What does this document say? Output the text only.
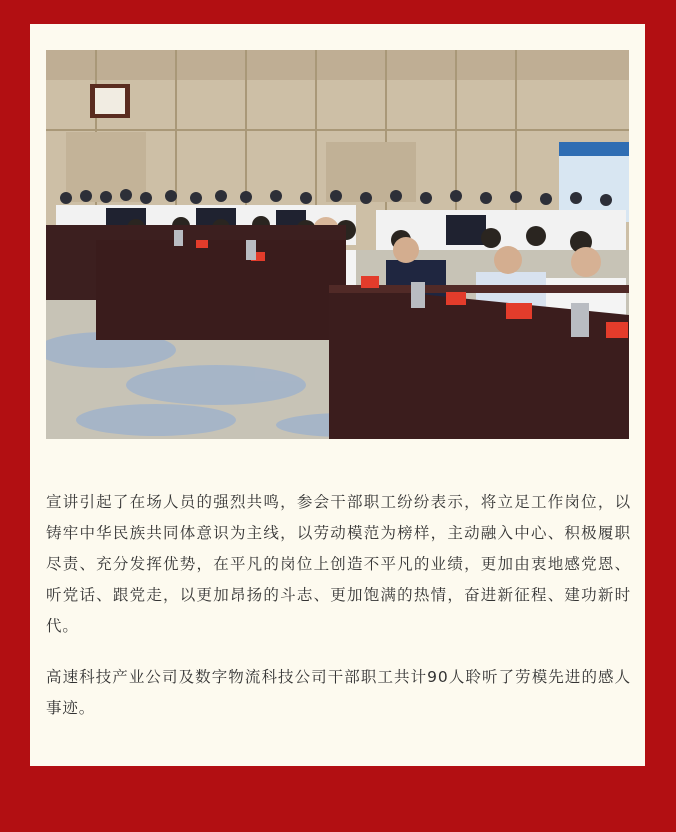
宣讲引起了在场人员的强烈共鸣，参会干部职工纷纷表示，将立足工作岗位，以铸牢中华民族共同体意识为主线，以劳动模范为榜样，主动融入中心、积极履职尽责、充分发挥优势，在平凡的岗位上创造不平凡的业绩，更加由衷地感党恩、听党话、跟党走，以更加昂扬的斗志、更加饱满的热情，奋进新征程、建功新时代。

高速科技产业公司及数字物流科技公司干部职工共计90人聆听了劳模先进的感人事迹。
